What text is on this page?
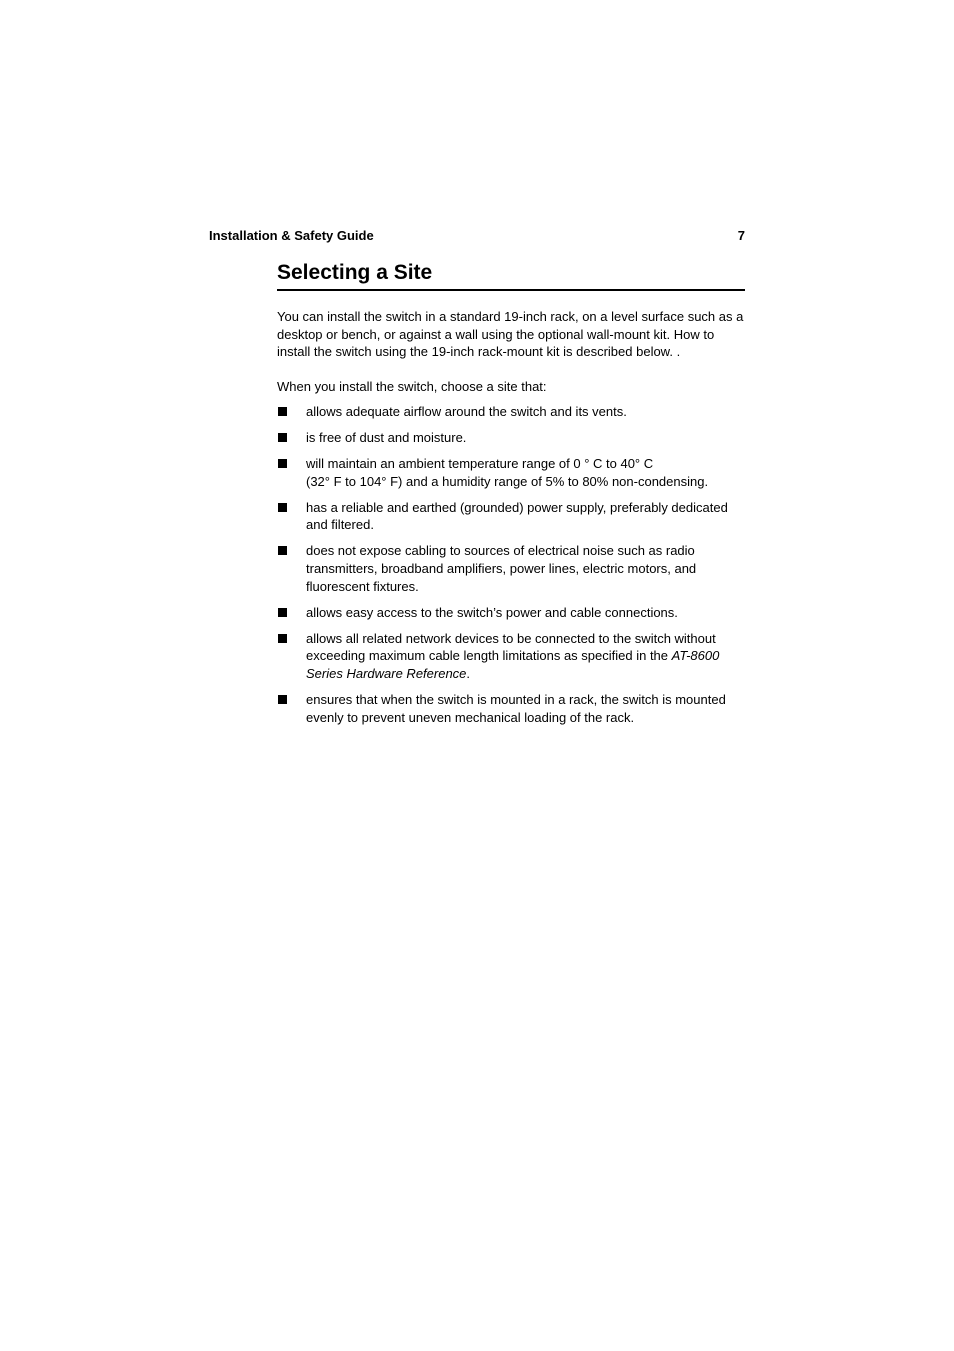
Installation & Safety Guide	7
Selecting a Site

You can install the switch in a standard 19-inch rack, on a level surface such as a desktop or bench, or against a wall using the optional wall-mount kit. How to install the switch using the 19-inch rack-mount kit is described below. .

When you install the switch, choose a site that:

allows adequate airflow around the switch and its vents.
is free of dust and moisture.
will maintain an ambient temperature range of 0 ° C to 40° C
(32° F to 104° F) and a humidity range of 5% to 80% non-condensing.
has a reliable and earthed (grounded) power supply, preferably dedicated and filtered.
does not expose cabling to sources of electrical noise such as radio transmitters, broadband amplifiers, power lines, electric motors, and fluorescent fixtures.
allows easy access to the switch’s power and cable connections.
allows all related network devices to be connected to the switch without exceeding maximum cable length limitations as specified in the AT-8600 Series Hardware Reference.
ensures that when the switch is mounted in a rack, the switch is mounted evenly to prevent uneven mechanical loading of the rack.
